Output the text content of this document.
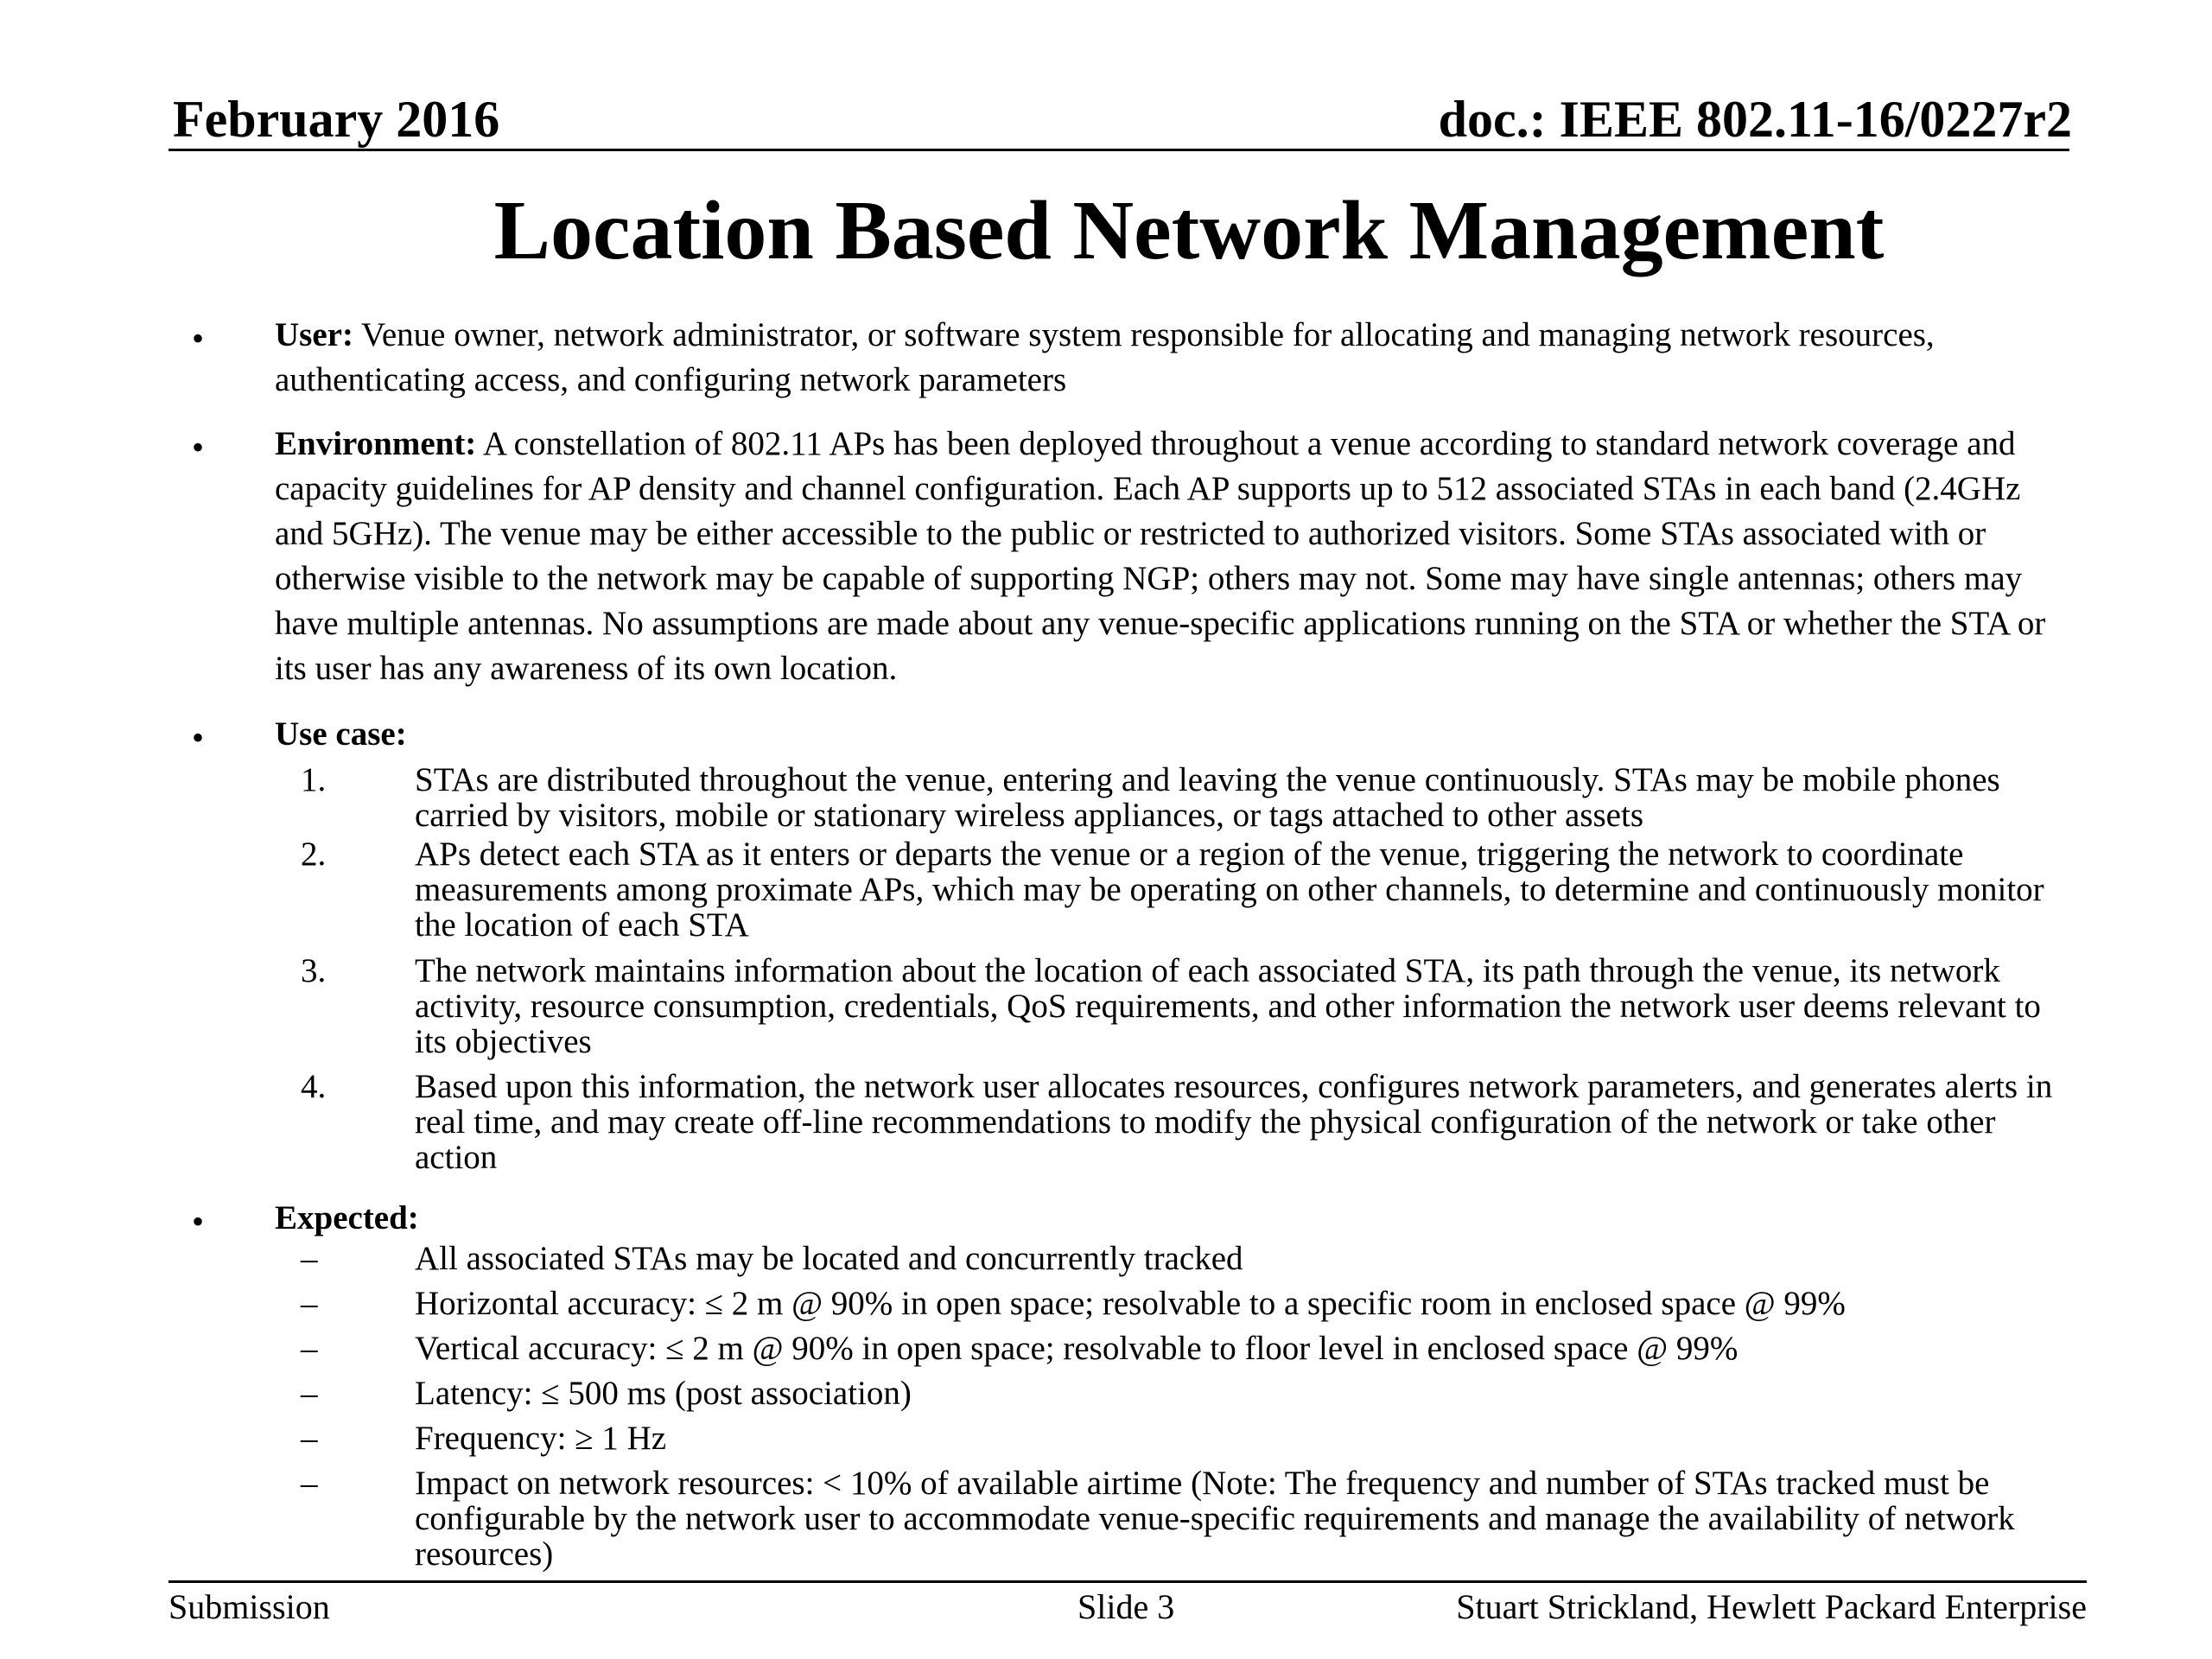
February 2016	doc.: IEEE 802.11-16/0227r2
Location Based Network Management
• User: Venue owner, network administrator, or software system responsible for allocating and managing network resources, authenticating access, and configuring network parameters
• Environment: A constellation of 802.11 APs has been deployed throughout a venue according to standard network coverage and capacity guidelines for AP density and channel configuration. Each AP supports up to 512 associated STAs in each band (2.4GHz and 5GHz). The venue may be either accessible to the public or restricted to authorized visitors. Some STAs associated with or otherwise visible to the network may be capable of supporting NGP; others may not. Some may have single antennas; others may have multiple antennas. No assumptions are made about any venue-specific applications running on the STA or whether the STA or its user has any awareness of its own location.
• Use case:
1.	STAs are distributed throughout the venue, entering and leaving the venue continuously. STAs may be mobile phones carried by visitors, mobile or stationary wireless appliances, or tags attached to other assets
2.	APs detect each STA as it enters or departs the venue or a region of the venue, triggering the network to coordinate measurements among proximate APs, which may be operating on other channels, to determine and continuously monitor the location of each STA
3.	The network maintains information about the location of each associated STA, its path through the venue, its network activity, resource consumption, credentials, QoS requirements, and other information the network user deems relevant to its objectives
4.	Based upon this information, the network user allocates resources, configures network parameters, and generates alerts in real time, and may create off-line recommendations to modify the physical configuration of the network or take other action
• Expected:
–	All associated STAs may be located and concurrently tracked
–	Horizontal accuracy: ≤ 2 m @ 90% in open space; resolvable to a specific room in enclosed space @ 99%
–	Vertical accuracy: ≤ 2 m @ 90% in open space; resolvable to floor level in enclosed space @ 99%
–	Latency: ≤ 500 ms (post association)
–	Frequency: ≥ 1 Hz
–	Impact on network resources: < 10% of available airtime (Note: The frequency and number of STAs tracked must be configurable by the network user to accommodate venue-specific requirements and manage the availability of network resources)
Submission	Slide 3	Stuart Strickland, Hewlett Packard Enterprise
